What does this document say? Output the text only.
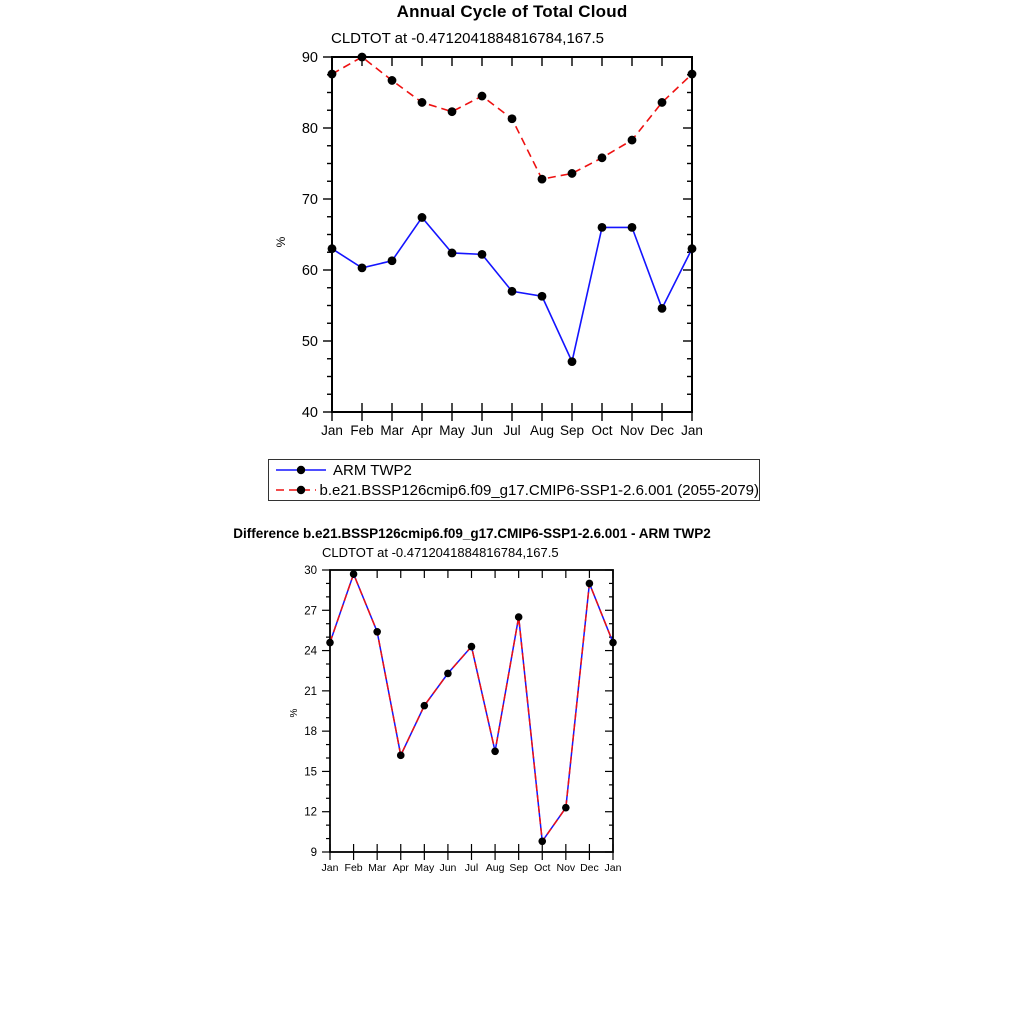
Annual Cycle of Total Cloud
CLDTOT at -0.4712041884816784,167.5
40
50
60
70
80
90
Jan Feb Mar Apr May Jun Jul Aug Sep Oct Nov Dec Jan
%
ARM TWP2
b.e21.BSSP126cmip6.f09_g17.CMIP6-SSP1-2.6.001 (2055-2079)
Difference b.e21.BSSP126cmip6.f09_g17.CMIP6-SSP1-2.6.001 - ARM TWP2
CLDTOT at -0.4712041884816784,167.5
9
12
15
18
21
24
27
30
Jan Feb Mar Apr May Jun Jul Aug Sep Oct Nov Dec Jan
%
